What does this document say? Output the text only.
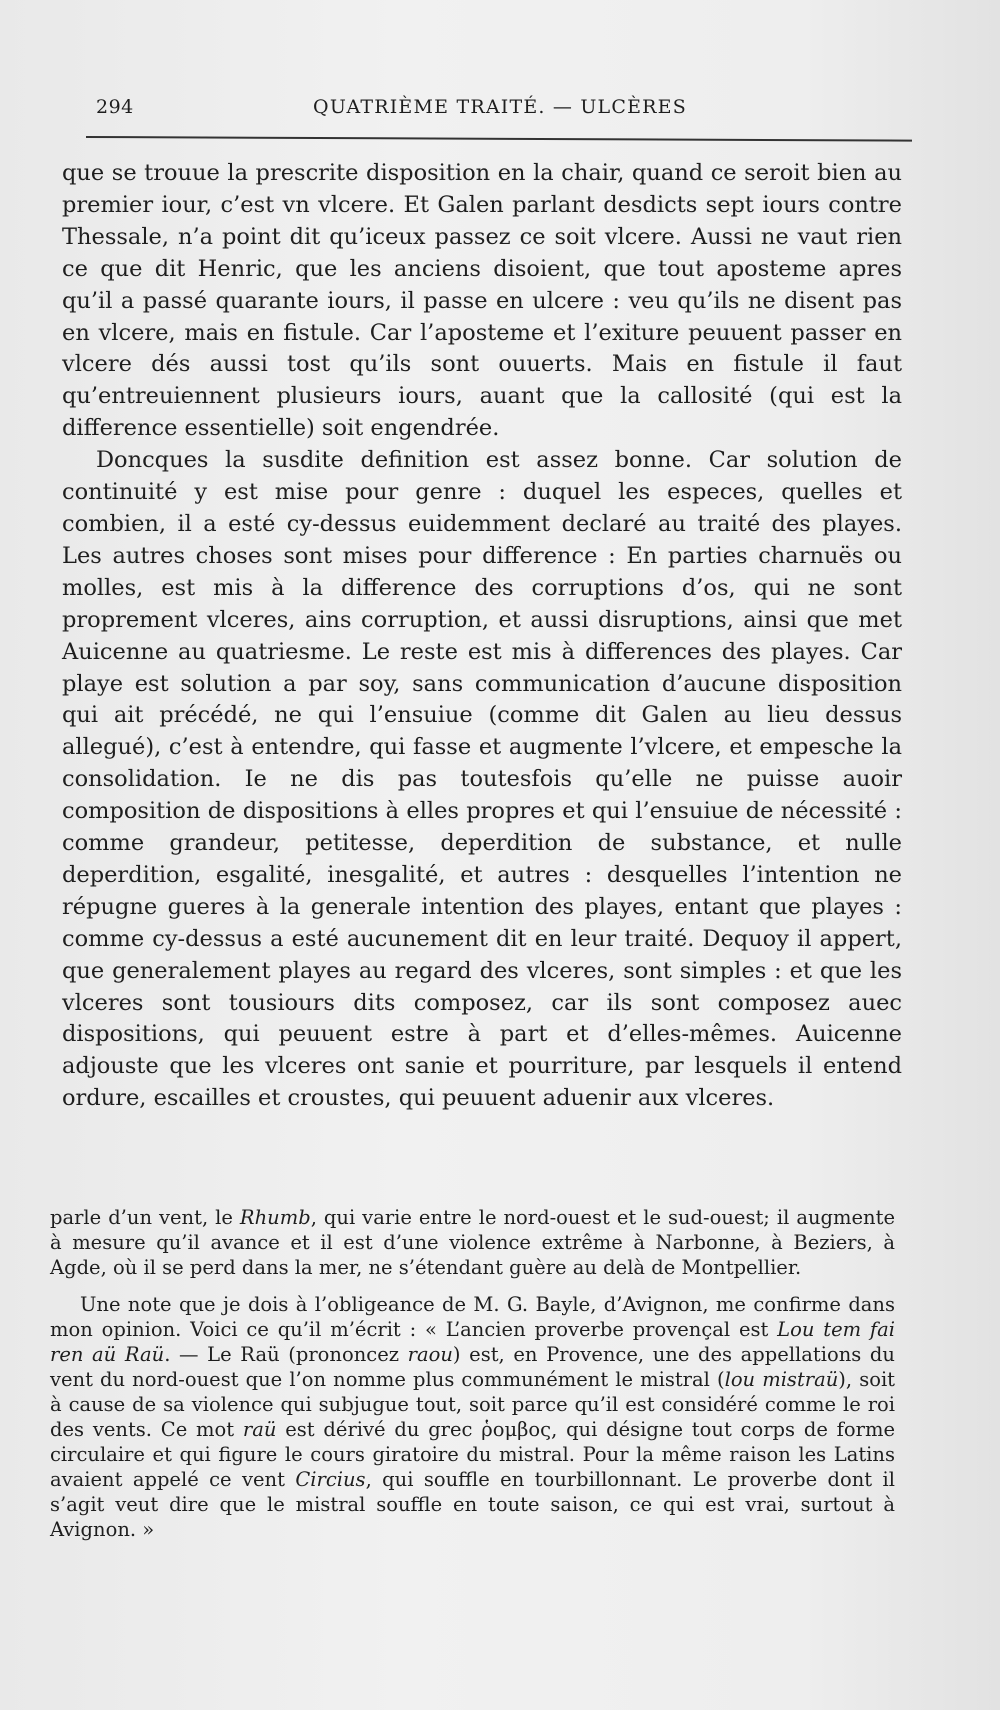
294	QUATRIÈME TRAITÉ. — ULCÈRES

que se trouue la prescrite disposition en la chair, quand ce seroit bien au premier iour, c’est vn vlcere. Et Galen parlant desdicts sept iours contre Thessale, n’a point dit qu’iceux passez ce soit vlcere. Aussi ne vaut rien ce que dit Henric, que les anciens disoient, que tout aposteme apres qu’il a passé quarante iours, il passe en ulcere : veu qu’ils ne disent pas en vlcere, mais en fistule. Car l’aposteme et l’exiture peuuent passer en vlcere dés aussi tost qu’ils sont ouuerts. Mais en fistule il faut qu’entreuiennent plusieurs iours, auant que la callosité (qui est la difference essentielle) soit engendrée.

Doncques la susdite definition est assez bonne. Car solution de continuité y est mise pour genre : duquel les especes, quelles et combien, il a esté cy-dessus euidemment declaré au traité des playes. Les autres choses sont mises pour difference : En parties charnuës ou molles, est mis à la difference des corruptions d’os, qui ne sont proprement vlceres, ains corruption, et aussi disruptions, ainsi que met Auicenne au quatriesme. Le reste est mis à differences des playes. Car playe est solution a par soy, sans communication d’aucune disposition qui ait précédé, ne qui l’ensuiue (comme dit Galen au lieu dessus allegué), c’est à entendre, qui fasse et augmente l’vlcere, et empesche la consolidation. Ie ne dis pas toutesfois qu’elle ne puisse auoir composition de dispositions à elles propres et qui l’ensuiue de nécessité : comme grandeur, petitesse, deperdition de substance, et nulle deperdition, esgalité, inesgalité, et autres : desquelles l’intention ne répugne gueres à la generale intention des playes, entant que playes : comme cy-dessus a esté aucunement dit en leur traité. Dequoy il appert, que generalement playes au regard des vlceres, sont simples : et que les vlceres sont tousiours dits composez, car ils sont composez auec dispositions, qui peuuent estre à part et d’elles-mêmes. Auicenne adjouste que les vlceres ont sanie et pourriture, par lesquels il entend ordure, escailles et croustes, qui peuuent aduenir aux vlceres.

parle d’un vent, le Rhumb, qui varie entre le nord-ouest et le sud-ouest; il augmente à mesure qu’il avance et il est d’une violence extrême à Narbonne, à Beziers, à Agde, où il se perd dans la mer, ne s’étendant guère au delà de Montpellier.

Une note que je dois à l’obligeance de M. G. Bayle, d’Avignon, me confirme dans mon opinion. Voici ce qu’il m’écrit : « L’ancien proverbe provençal est Lou tem fai ren aü Raü. — Le Raü (prononcez raou) est, en Provence, une des appellations du vent du nord-ouest que l’on nomme plus communément le mistral (lou mistraü), soit à cause de sa violence qui subjugue tout, soit parce qu’il est considéré comme le roi des vents. Ce mot raü est dérivé du grec ῥομβος, qui désigne tout corps de forme circulaire et qui figure le cours giratoire du mistral. Pour la même raison les Latins avaient appelé ce vent Circius, qui souffle en tourbillonnant. Le proverbe dont il s’agit veut dire que le mistral souffle en toute saison, ce qui est vrai, surtout à Avignon. »
